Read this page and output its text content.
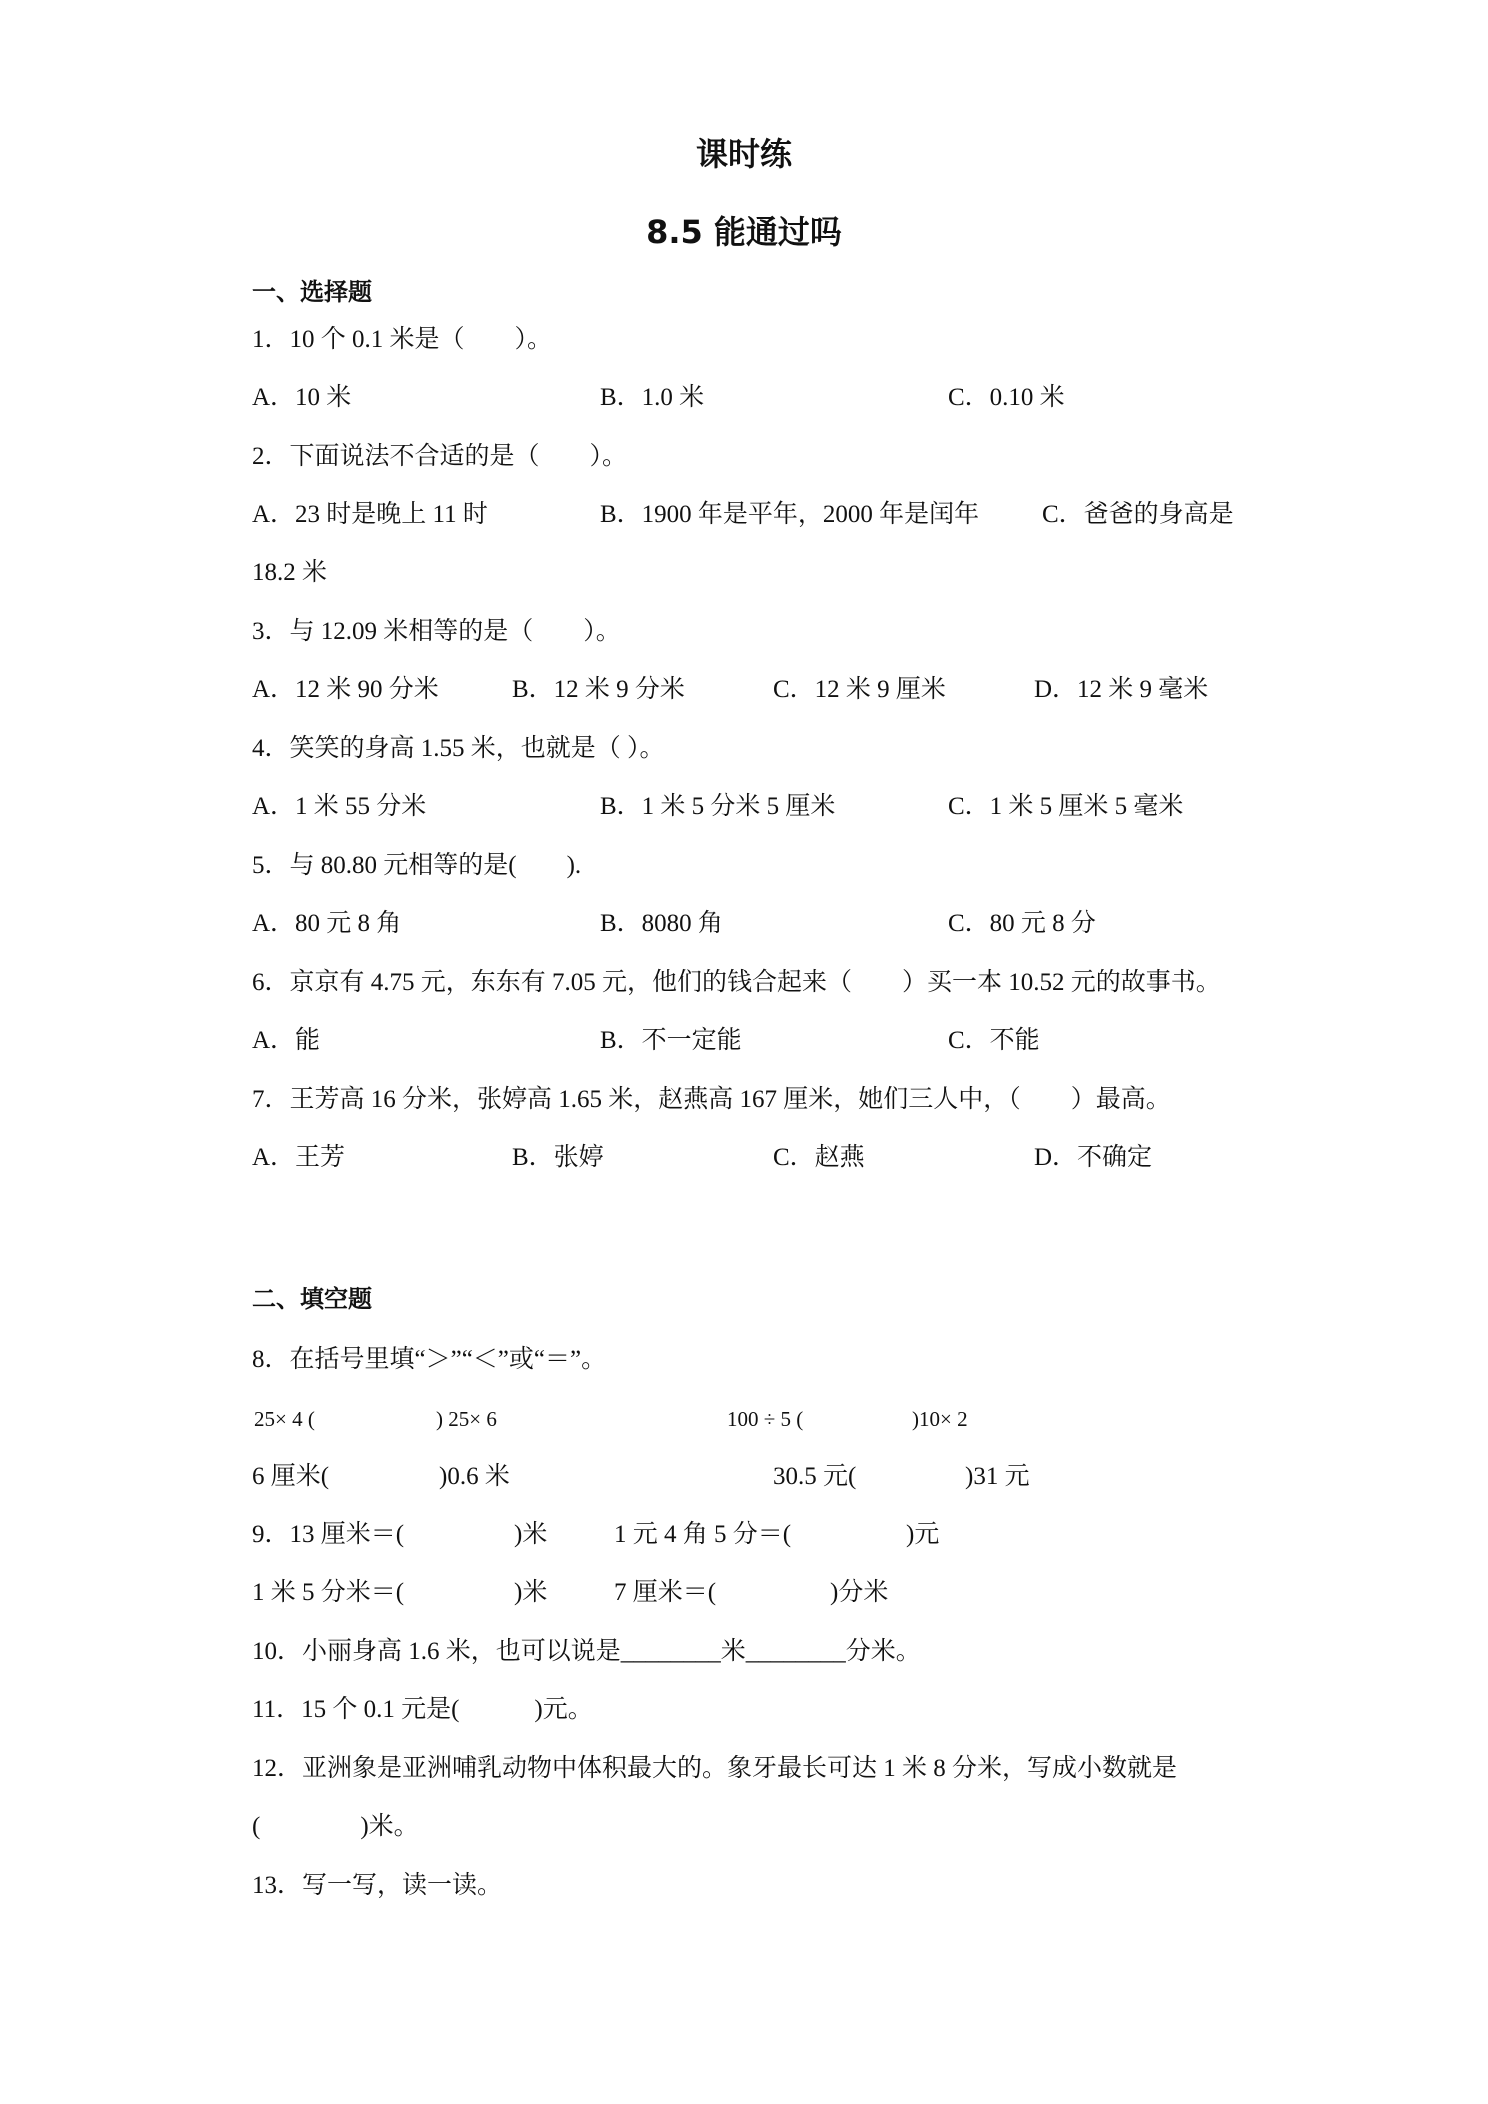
课时练
8.5 能通过吗
一、选择题
1．10 个 0.1 米是（　　）。
A．10 米	B．1.0 米	C．0.10 米
2．下面说法不合适的是（　　）。
A．23 时是晚上 11 时	B．1900 年是平年，2000 年是闰年	C．爸爸的身高是
18.2 米
3．与 12.09 米相等的是（　　）。
A．12 米 90 分米	B．12 米 9 分米	C．12 米 9 厘米	D．12 米 9 毫米
4．笑笑的身高 1.55 米，也就是（ ）。
A．1 米 55 分米	B．1 米 5 分米 5 厘米	C．1 米 5 厘米 5 毫米
5．与 80.80 元相等的是(　　).
A．80 元 8 角	B．8080 角	C．80 元 8 分
6．京京有 4.75 元，东东有 7.05 元，他们的钱合起来（　　）买一本 10.52 元的故事书。
A．能	B．不一定能	C．不能
7．王芳高 16 分米，张婷高 1.65 米，赵燕高 167 厘米，她们三人中，（　　）最高。
A．王芳	B．张婷	C．赵燕	D．不确定
二、填空题
8．在括号里填“＞”“＜”或“＝”。
25× 4 (	) 25× 6	100 ÷ 5 (	)10× 2
6 厘米(	)0.6 米	30.5 元(	)31 元
9．13 厘米＝(	)米	1 元 4 角 5 分＝(	)元
1 米 5 分米＝(	)米	7 厘米＝(	)分米
10．小丽身高 1.6 米，也可以说是________米________分米。
11．15 个 0.1 元是(　　　)元。
12．亚洲象是亚洲哺乳动物中体积最大的。象牙最长可达 1 米 8 分米，写成小数就是
(　　　　)米。
13．写一写，读一读。
